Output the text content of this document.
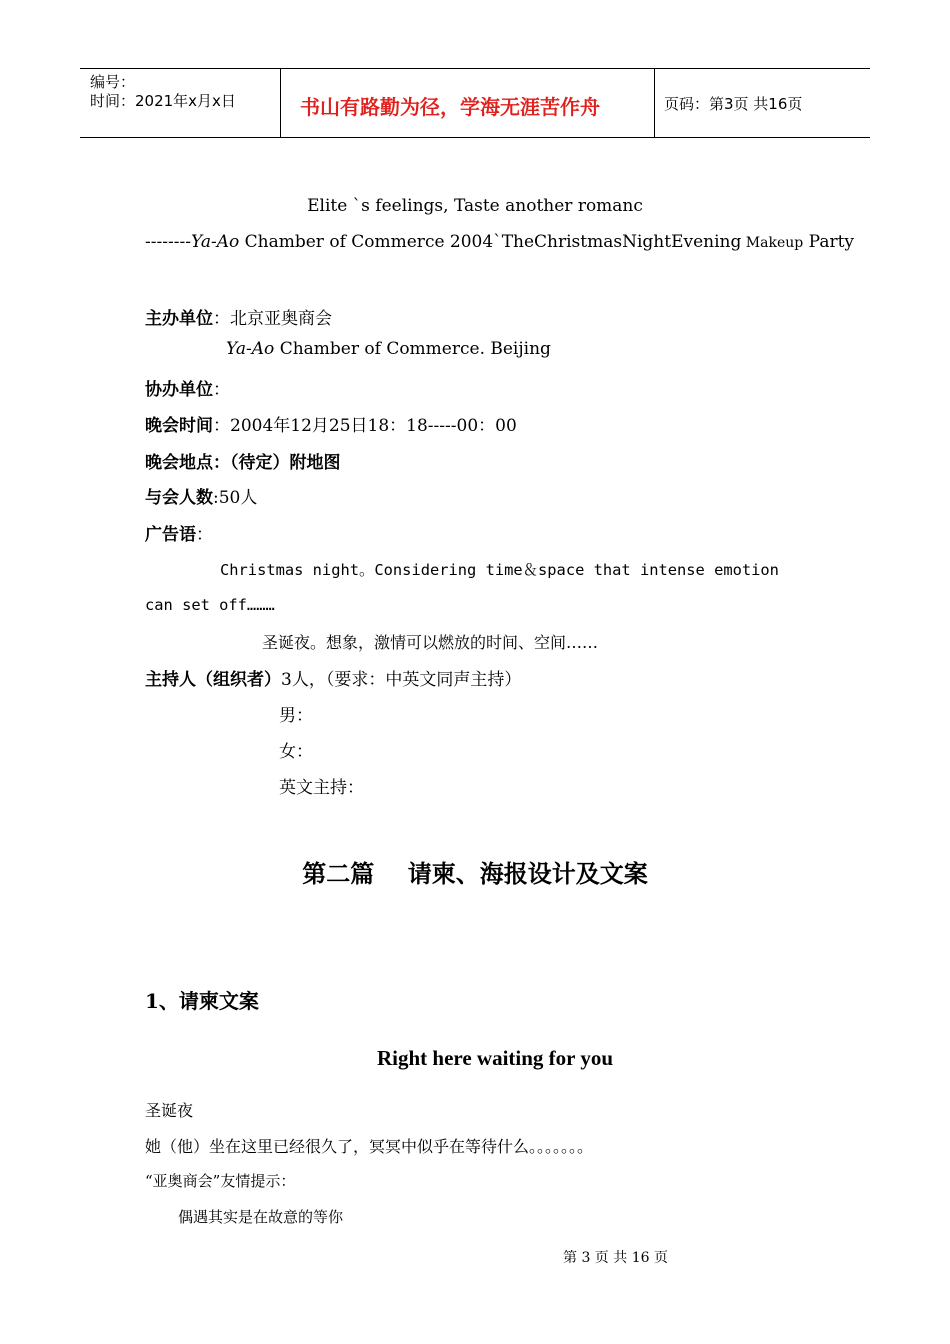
编号：
时间：2021年x月x日	书山有路勤为径，学海无涯苦作舟	页码：第3页 共16页
Elite `s feelings, Taste another romanc
--------Ya-Ao Chamber of Commerce 2004`TheChristmasNightEvening Makeup Party
主办单位：北京亚奥商会
Ya-Ao Chamber of Commerce. Beijing
协办单位：
晚会时间：2004年12月25日18：18-----00：00
晚会地点：（待定）附地图
与会人数:50人
广告语：
Christmas night。Considering time＆space that intense emotion
can set off………
圣诞夜。想象，激情可以燃放的时间、空间……
主持人（组织者）3人，（要求：中英文同声主持）
男：
女：
英文主持：
第二篇    请柬、海报设计及文案
1、请柬文案
Right here waiting for you
圣诞夜
她（他）坐在这里已经很久了，冥冥中似乎在等待什么。。。。。。。
“亚奥商会”友情提示：
偶遇其实是在故意的等你
第 3 页 共 16 页
